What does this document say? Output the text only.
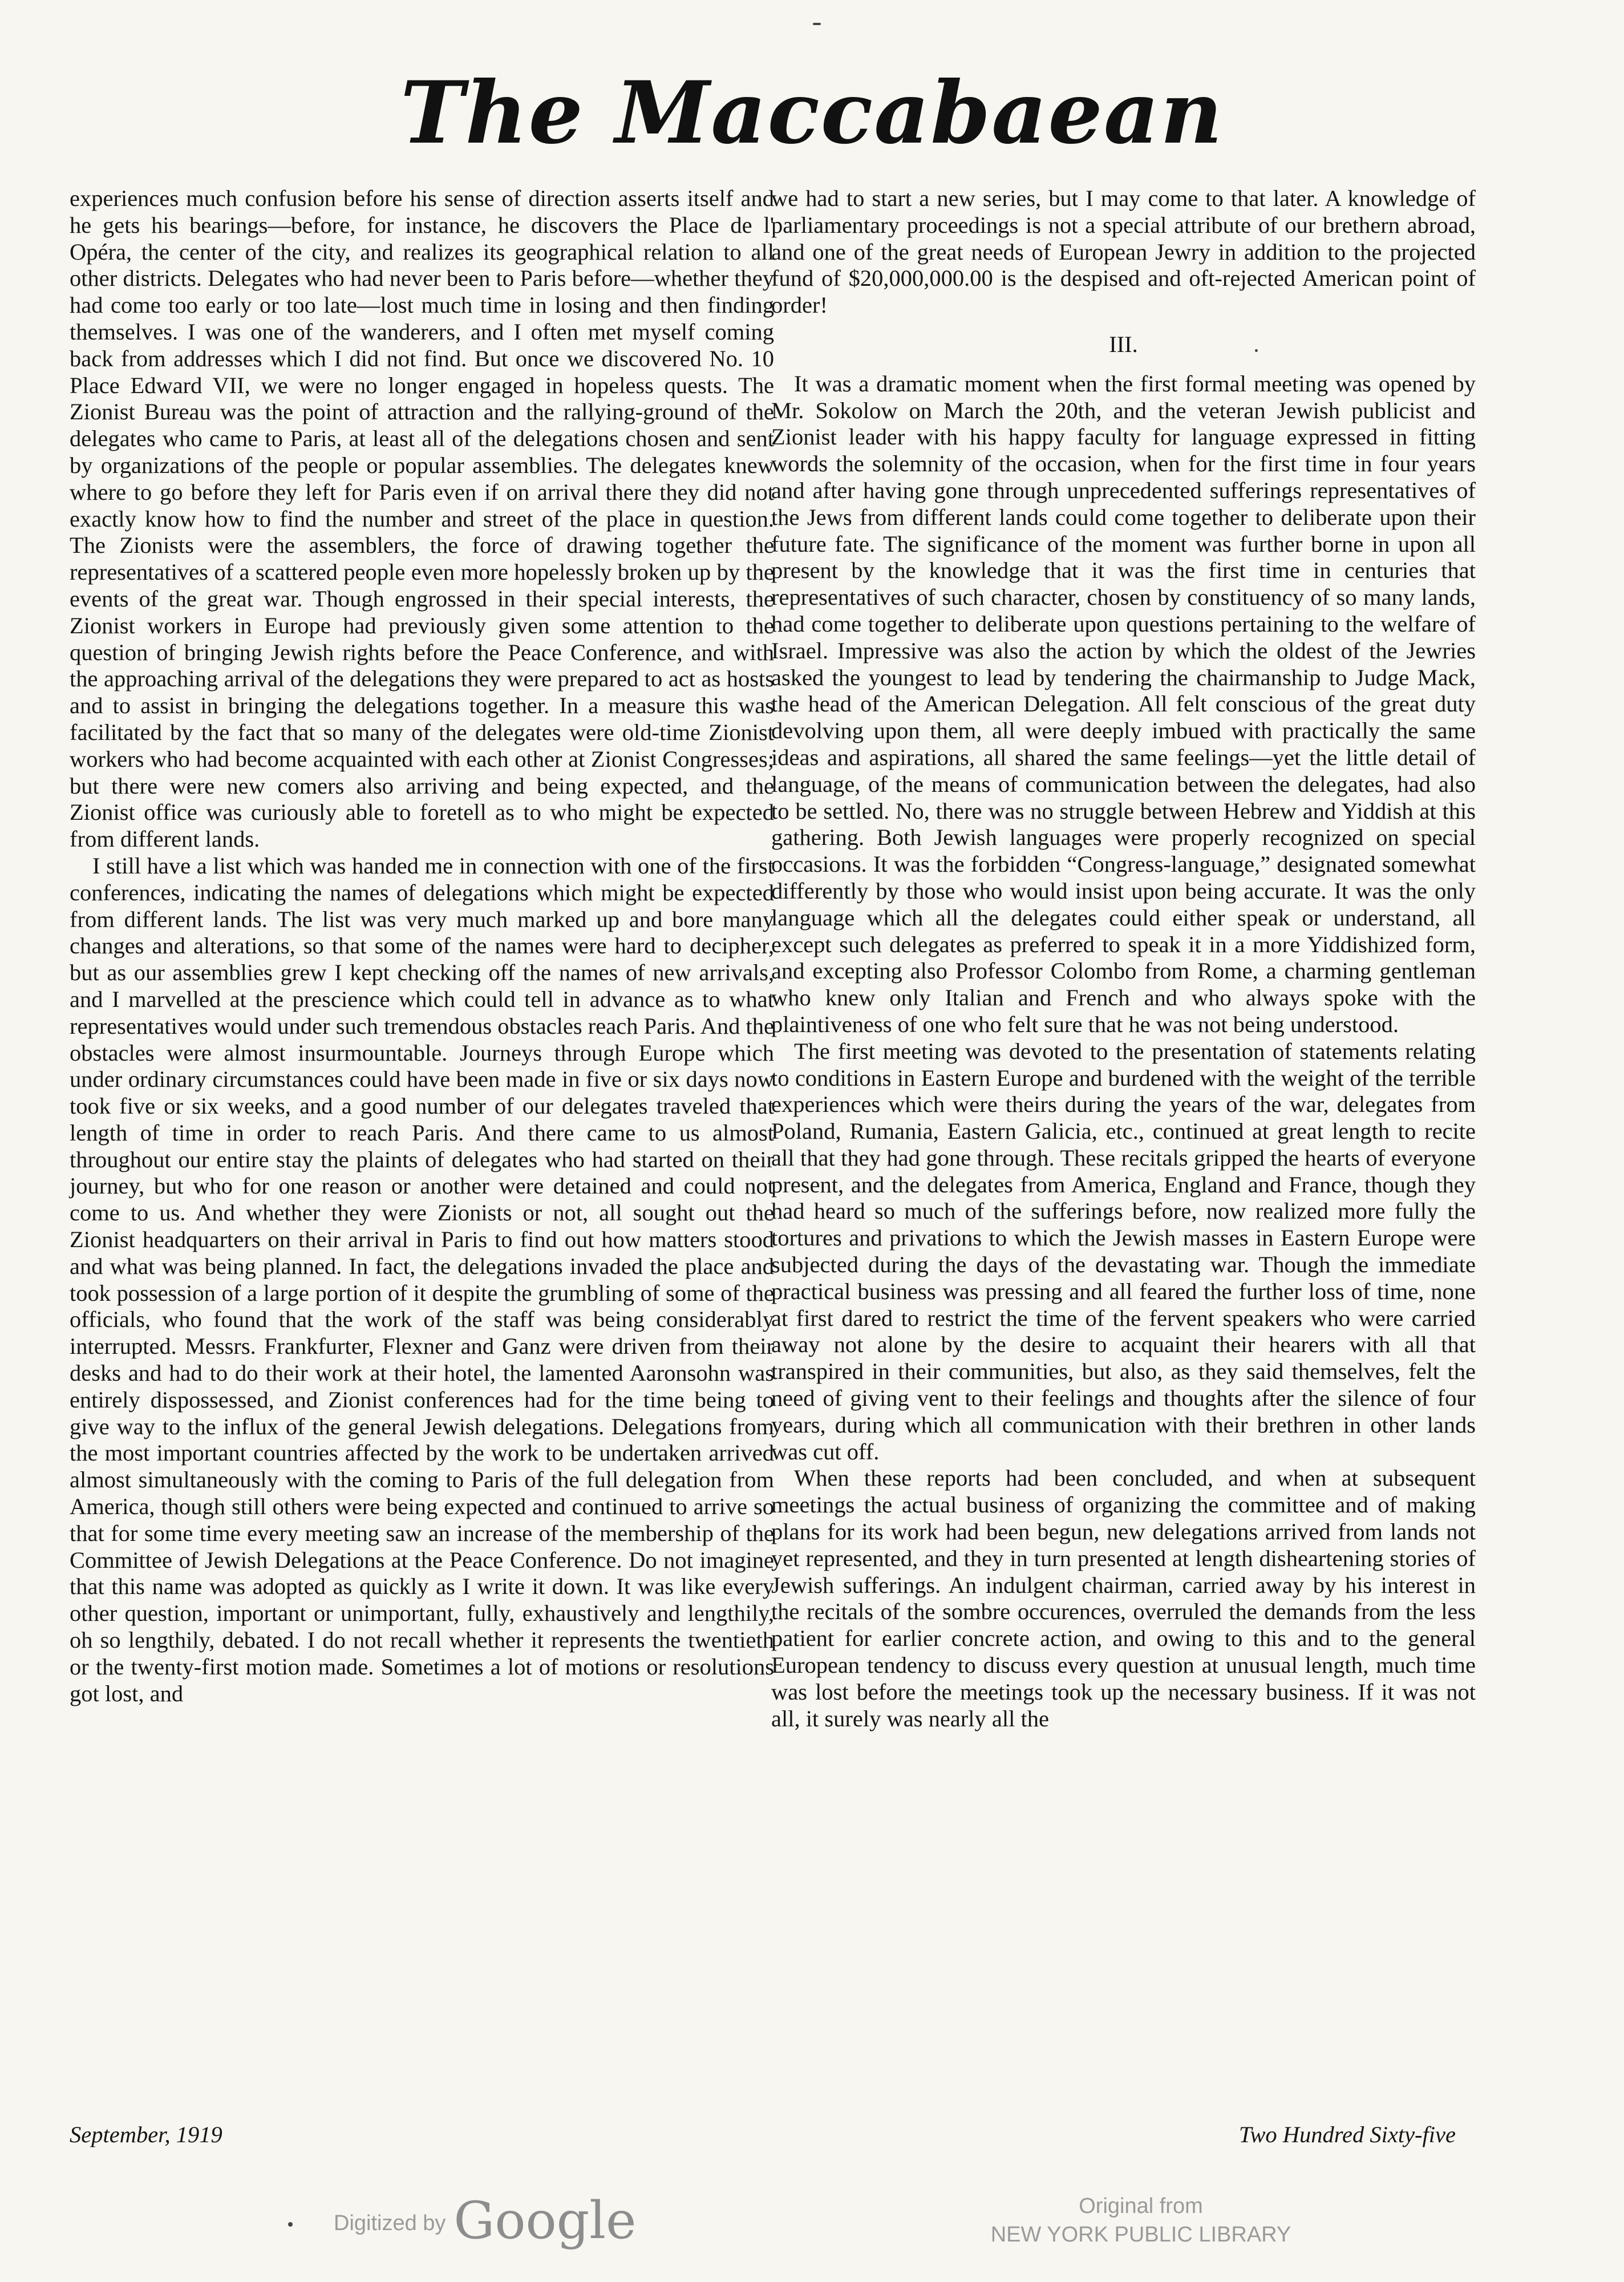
The Maccabaean

experiences much confusion before his sense of direction asserts itself and he gets his bearings—before, for instance, he discovers the Place de l' Opéra, the center of the city, and realizes its geographical relation to all other districts. Delegates who had never been to Paris before—whether they had come too early or too late—lost much time in losing and then finding themselves. I was one of the wanderers, and I often met myself coming back from addresses which I did not find. But once we discovered No. 10 Place Edward VII, we were no longer engaged in hopeless quests. The Zionist Bureau was the point of attraction and the rallying-ground of the delegates who came to Paris, at least all of the delegations chosen and sent by organizations of the people or popular assemblies. The delegates knew where to go before they left for Paris even if on arrival there they did not exactly know how to find the number and street of the place in question. The Zionists were the assemblers, the force of drawing together the representatives of a scattered people even more hopelessly broken up by the events of the great war. Though engrossed in their special interests, the Zionist workers in Europe had previously given some attention to the question of bringing Jewish rights before the Peace Conference, and with the approaching arrival of the delegations they were prepared to act as hosts and to assist in bringing the delegations together. In a measure this was facilitated by the fact that so many of the delegates were old-time Zionist workers who had become acquainted with each other at Zionist Congresses; but there were new comers also arriving and being expected, and the Zionist office was curiously able to foretell as to who might be expected from different lands.

I still have a list which was handed me in connection with one of the first conferences, indicating the names of delegations which might be expected from different lands. The list was very much marked up and bore many changes and alterations, so that some of the names were hard to decipher, but as our assemblies grew I kept checking off the names of new arrivals, and I marvelled at the prescience which could tell in advance as to what representatives would under such tremendous obstacles reach Paris. And the obstacles were almost insurmountable. Journeys through Europe which under ordinary circumstances could have been made in five or six days now took five or six weeks, and a good number of our delegates traveled that length of time in order to reach Paris. And there came to us almost throughout our entire stay the plaints of delegates who had started on their journey, but who for one reason or another were detained and could not come to us. And whether they were Zionists or not, all sought out the Zionist headquarters on their arrival in Paris to find out how matters stood and what was being planned. In fact, the delegations invaded the place and took possession of a large portion of it despite the grumbling of some of the officials, who found that the work of the staff was being considerably interrupted. Messrs. Frankfurter, Flexner and Ganz were driven from their desks and had to do their work at their hotel, the lamented Aaronsohn was entirely dispossessed, and Zionist conferences had for the time being to give way to the influx of the general Jewish delegations. Delegations from the most important countries affected by the work to be undertaken arrived almost simultaneously with the coming to Paris of the full delegation from America, though still others were being expected and continued to arrive so that for some time every meeting saw an increase of the membership of the Committee of Jewish Delegations at the Peace Conference. Do not imagine that this name was adopted as quickly as I write it down. It was like every other question, important or unimportant, fully, exhaustively and lengthily, oh so lengthily, debated. I do not recall whether it represents the twentieth or the twenty-first motion made. Sometimes a lot of motions or resolutions got lost, and

we had to start a new series, but I may come to that later. A knowledge of parliamentary proceedings is not a special attribute of our brethern abroad, and one of the great needs of European Jewry in addition to the projected fund of $20,000,000.00 is the despised and oft-rejected American point of order!

III.

It was a dramatic moment when the first formal meeting was opened by Mr. Sokolow on March the 20th, and the veteran Jewish publicist and Zionist leader with his happy faculty for language expressed in fitting words the solemnity of the occasion, when for the first time in four years and after having gone through unprecedented sufferings representatives of the Jews from different lands could come together to deliberate upon their future fate. The significance of the moment was further borne in upon all present by the knowledge that it was the first time in centuries that representatives of such character, chosen by constituency of so many lands, had come together to deliberate upon questions pertaining to the welfare of Israel. Impressive was also the action by which the oldest of the Jewries asked the youngest to lead by tendering the chairmanship to Judge Mack, the head of the American Delegation. All felt conscious of the great duty devolving upon them, all were deeply imbued with practically the same ideas and aspirations, all shared the same feelings—yet the little detail of language, of the means of communication between the delegates, had also to be settled. No, there was no struggle between Hebrew and Yiddish at this gathering. Both Jewish languages were properly recognized on special occasions. It was the forbidden “Congress-language,” designated somewhat differently by those who would insist upon being accurate. It was the only language which all the delegates could either speak or understand, all except such delegates as preferred to speak it in a more Yiddishized form, and excepting also Professor Colombo from Rome, a charming gentleman who knew only Italian and French and who always spoke with the plaintiveness of one who felt sure that he was not being understood.

The first meeting was devoted to the presentation of statements relating to conditions in Eastern Europe and burdened with the weight of the terrible experiences which were theirs during the years of the war, delegates from Poland, Rumania, Eastern Galicia, etc., continued at great length to recite all that they had gone through. These recitals gripped the hearts of everyone present, and the delegates from America, England and France, though they had heard so much of the sufferings before, now realized more fully the tortures and privations to which the Jewish masses in Eastern Europe were subjected during the days of the devastating war. Though the immediate practical business was pressing and all feared the further loss of time, none at first dared to restrict the time of the fervent speakers who were carried away not alone by the desire to acquaint their hearers with all that transpired in their communities, but also, as they said themselves, felt the need of giving vent to their feelings and thoughts after the silence of four years, during which all communication with their brethren in other lands was cut off.

When these reports had been concluded, and when at subsequent meetings the actual business of organizing the committee and of making plans for its work had been begun, new delegations arrived from lands not yet represented, and they in turn presented at length disheartening stories of Jewish sufferings. An indulgent chairman, carried away by his interest in the recitals of the sombre occurences, overruled the demands from the less patient for earlier concrete action, and owing to this and to the general European tendency to discuss every question at unusual length, much time was lost before the meetings took up the necessary business. If it was not all, it surely was nearly all the

September, 1919	Two Hundred Sixty-five
Digitized by Google	Original from
NEW YORK PUBLIC LIBRARY
